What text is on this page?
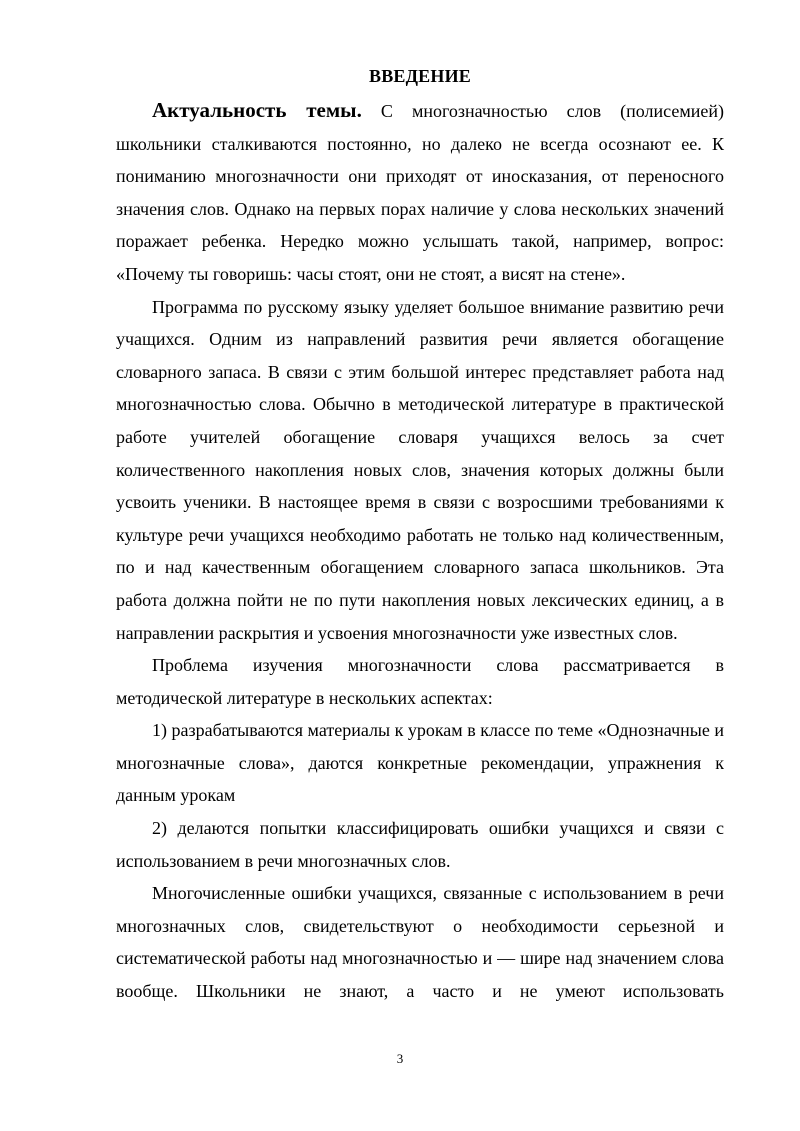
ВВЕДЕНИЕ

Актуальность темы. С многозначностью слов (полисемией) школьники сталкиваются постоянно, но далеко не всегда осознают ее. К пониманию многозначности они приходят от иносказания, от переносного значения слов. Однако на первых порах наличие у слова нескольких значений поражает ребенка. Нередко можно услышать такой, например, вопрос: «Почему ты говоришь: часы стоят, они не стоят, а висят на стене».

Программа по русскому языку уделяет большое внимание развитию речи учащихся. Одним из направлений развития речи является обогащение словарного запаса. В связи с этим большой интерес представляет работа над многозначностью слова. Обычно в методической литературе в практической работе учителей обогащение словаря учащихся велось за счет количественного накопления новых слов, значения которых должны были усвоить ученики. В настоящее время в связи с возросшими требованиями к культуре речи учащихся необходимо работать не только над количественным, по и над качественным обогащением словарного запаса школьников. Эта работа должна пойти не по пути накопления новых лексических единиц, а в направлении раскрытия и усвоения многозначности уже известных слов.

Проблема изучения многозначности слова рассматривается в методической литературе в нескольких аспектах:

1) разрабатываются материалы к урокам в классе по теме «Однозначные и многозначные слова», даются конкретные рекомендации, упражнения к данным урокам

2) делаются попытки классифицировать ошибки учащихся и связи с использованием в речи многозначных слов.

Многочисленные ошибки учащихся, связанные с использованием в речи многозначных слов, свидетельствуют о необходимости серьезной и систематической работы над многозначностью и — шире над значением слова вообще. Школьники не знают, а часто и не умеют использовать

3
